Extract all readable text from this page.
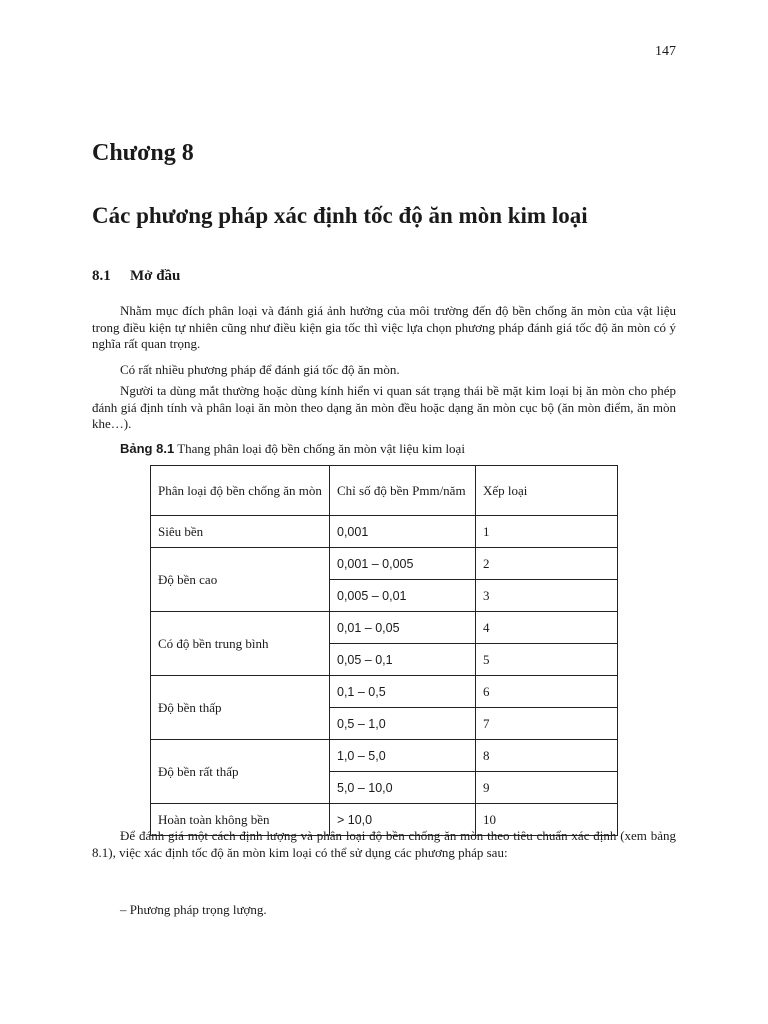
147
Chương 8
Các phương pháp xác định tốc độ ăn mòn kim loại
8.1 Mở đầu

Nhằm mục đích phân loại và đánh giá ảnh hưởng của môi trường đến độ bền chống ăn mòn của vật liệu trong điều kiện tự nhiên cũng như điều kiện gia tốc thì việc lựa chọn phương pháp đánh giá tốc độ ăn mòn có ý nghĩa rất quan trọng.

Có rất nhiều phương pháp để đánh giá tốc độ ăn mòn.

Người ta dùng mắt thường hoặc dùng kính hiển vi quan sát trạng thái bề mặt kim loại bị ăn mòn cho phép đánh giá định tính và phân loại ăn mòn theo dạng ăn mòn đều hoặc dạng ăn mòn cục bộ (ăn mòn điểm, ăn mòn khe…).

Bảng 8.1 Thang phân loại độ bền chống ăn mòn vật liệu kim loại

Phân loại độ bền chống ăn mòn	Chỉ số độ bền Pmm/năm	Xếp loại
Siêu bền	0,001	1
Độ bền cao	0,001 – 0,005	2
	0,005 – 0,01	3
Có độ bền trung bình	0,01 – 0,05	4
	0,05 – 0,1	5
Độ bền thấp	0,1 – 0,5	6
	0,5 – 1,0	7
Độ bền rất thấp	1,0 – 5,0	8
	5,0 – 10,0	9
Hoàn toàn không bền	> 10,0	10

Để đánh giá một cách định lượng và phân loại độ bền chống ăn mòn theo tiêu chuẩn xác định (xem bảng 8.1), việc xác định tốc độ ăn mòn kim loại có thể sử dụng các phương pháp sau:

– Phương pháp trọng lượng.
